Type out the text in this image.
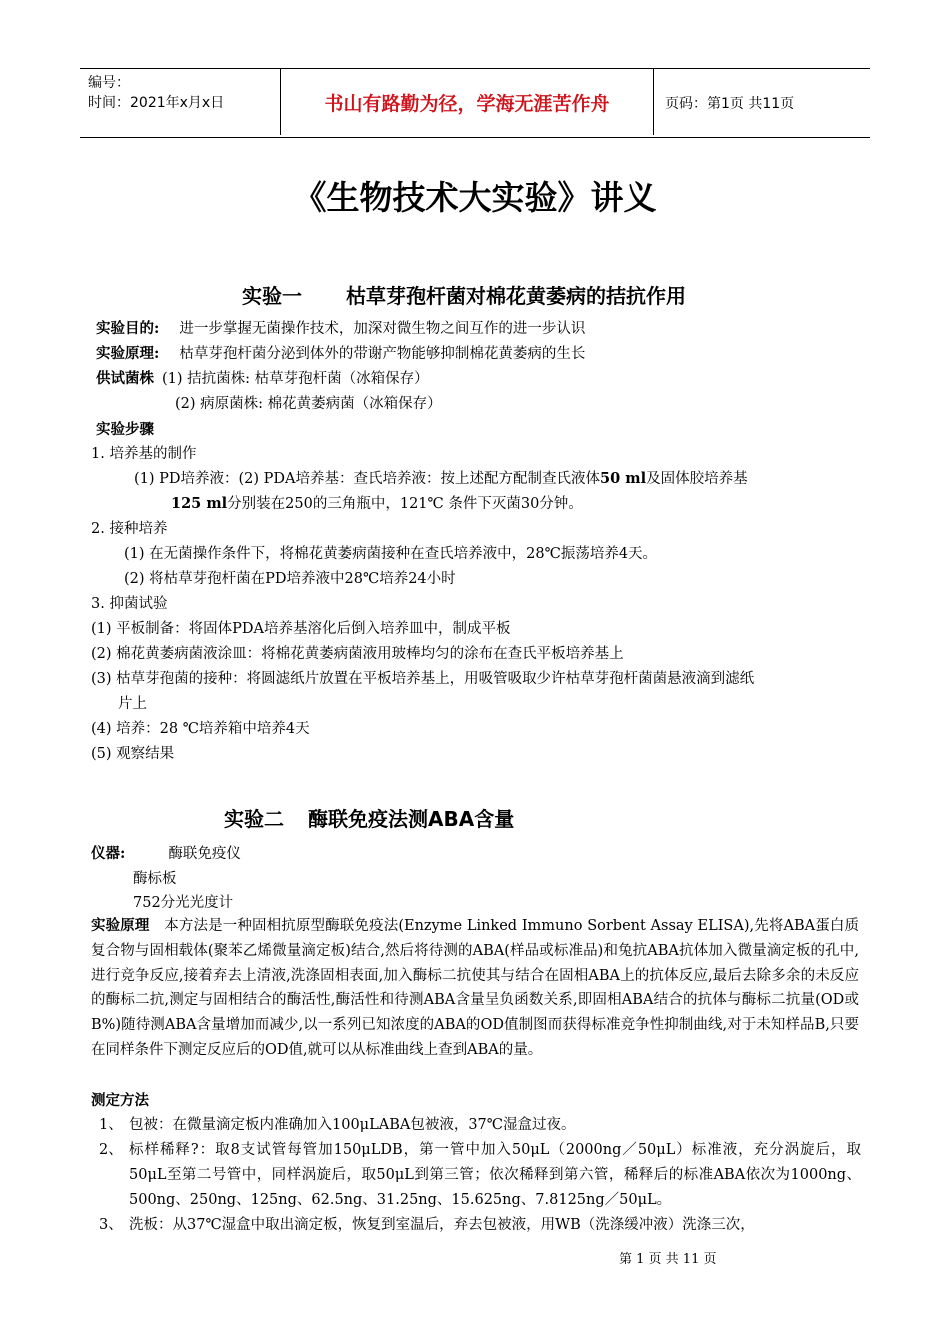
编号：
时间：2021年x月x日	书山有路勤为径，学海无涯苦作舟	页码：第1页 共11页
《生物技术大实验》讲义
实验一 枯草芽孢杆菌对棉花黄萎病的拮抗作用
实验目的: 进一步掌握无菌操作技术，加深对微生物之间互作的进一步认识
实验原理: 枯草芽孢杆菌分泌到体外的带谢产物能够抑制棉花黄萎病的生长
供试菌株 (1) 拮抗菌株: 枯草芽孢杆菌（冰箱保存）
(2) 病原菌株: 棉花黄萎病菌（冰箱保存）
实验步骤
1. 培养基的制作
(1) PD培养液：(2) PDA培养基：查氏培养液：按上述配方配制查氏液体50 ml及固体胶培养基
125 ml分别装在250的三角瓶中，121℃ 条件下灭菌30分钟。
2. 接种培养
(1) 在无菌操作条件下，将棉花黄萎病菌接种在查氏培养液中，28℃振荡培养4天。
(2) 将枯草芽孢杆菌在PD培养液中28℃培养24小时
3. 抑菌试验
(1) 平板制备：将固体PDA培养基溶化后倒入培养皿中，制成平板
(2) 棉花黄萎病菌液涂皿：将棉花黄萎病菌液用玻棒均匀的涂布在查氏平板培养基上
(3) 枯草芽孢菌的接种：将圆滤纸片放置在平板培养基上，用吸管吸取少许枯草芽孢杆菌菌悬液滴到滤纸
片上
(4) 培养：28 ℃培养箱中培养4天
(5) 观察结果
实验二 酶联免疫法测ABA含量
仪器:	酶联免疫仪
酶标板
752分光光度计
实验原理　 本方法是一种固相抗原型酶联免疫法(Enzyme Linked Immuno Sorbent Assay ELISA),先将ABA蛋白质复合物与固相载体(聚苯乙烯微量滴定板)结合,然后将待测的ABA(样品或标准品)和兔抗ABA抗体加入微量滴定板的孔中,进行竞争反应,接着弃去上清液,洗涤固相表面,加入酶标二抗使其与结合在固相ABA上的抗体反应,最后去除多余的未反应的酶标二抗,测定与固相结合的酶活性,酶活性和待测ABA含量呈负函数关系,即固相ABA结合的抗体与酶标二抗量(OD或B%)随待测ABA含量增加而减少,以一系列已知浓度的ABA的OD值制图而获得标准竞争性抑制曲线,对于未知样品B,只要在同样条件下测定反应后的OD值,就可以从标准曲线上查到ABA的量。
测定方法
1、 包被：在微量滴定板内准确加入100μLABA包被液，37℃湿盒过夜。
2、 标样稀释?：取8支试管每管加150μLDB，第一管中加入50μL（2000ng／50μL）标准液，充分涡旋后，取50μL至第二号管中，同样涡旋后，取50μL到第三管；依次稀释到第六管，稀释后的标准ABA依次为1000ng、500ng、250ng、125ng、62.5ng、31.25ng、15.625ng、7.8125ng／50μL。
3、 洗板：从37℃湿盒中取出滴定板，恢复到室温后，弃去包被液，用WB（洗涤缓冲液）洗涤三次，
第 1 页 共 11 页
